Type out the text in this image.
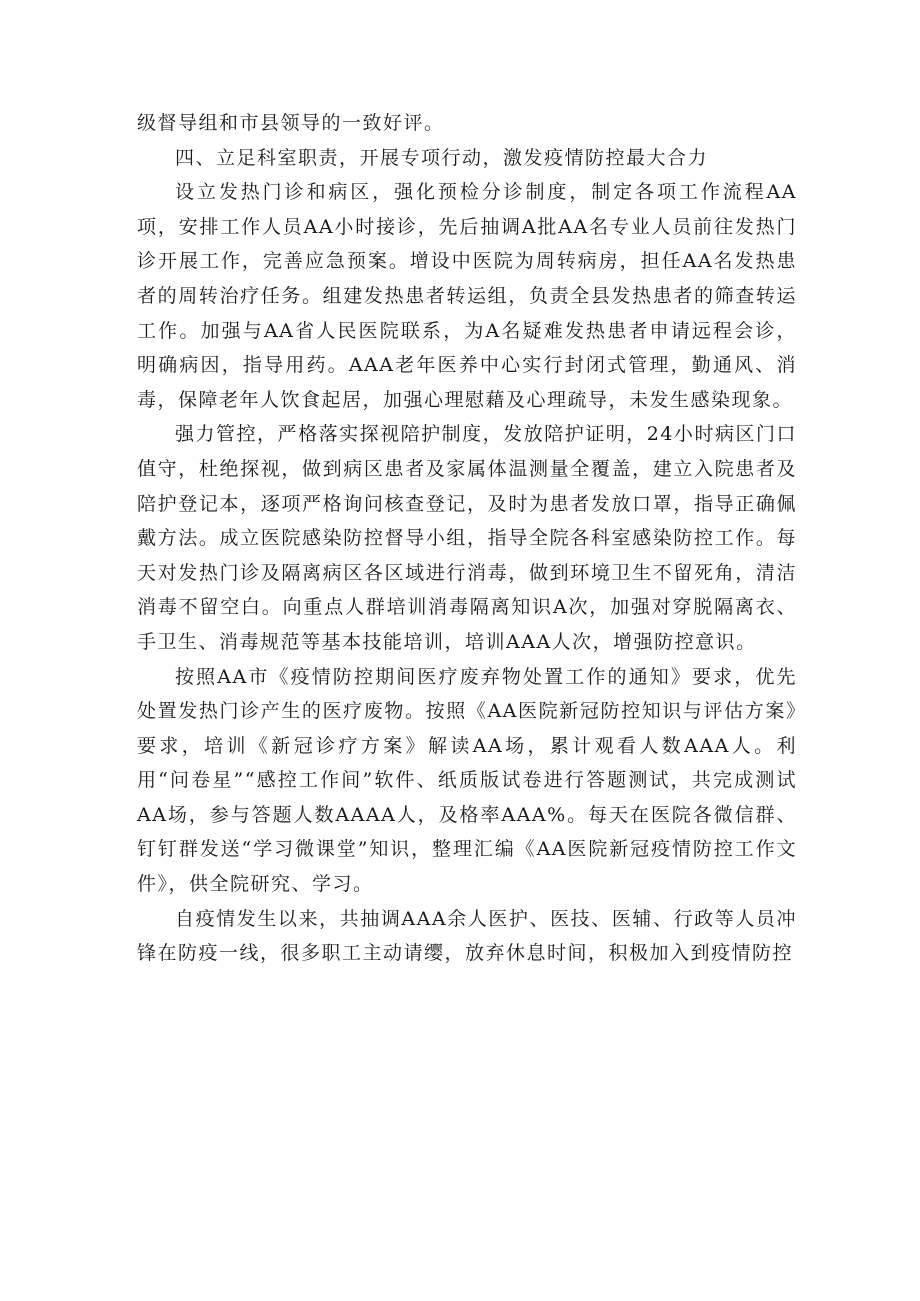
级督导组和市县领导的一致好评。

四、立足科室职责，开展专项行动，激发疫情防控最大合力

设立发热门诊和病区，强化预检分诊制度，制定各项工作流程AA项，安排工作人员AA小时接诊，先后抽调A批AA名专业人员前往发热门诊开展工作，完善应急预案。增设中医院为周转病房，担任AA名发热患者的周转治疗任务。组建发热患者转运组，负责全县发热患者的筛查转运工作。加强与AA省人民医院联系，为A名疑难发热患者申请远程会诊，明确病因，指导用药。AAA老年医养中心实行封闭式管理，勤通风、消毒，保障老年人饮食起居，加强心理慰藉及心理疏导，未发生感染现象。

强力管控，严格落实探视陪护制度，发放陪护证明，24小时病区门口值守，杜绝探视，做到病区患者及家属体温测量全覆盖，建立入院患者及陪护登记本，逐项严格询问核查登记，及时为患者发放口罩，指导正确佩戴方法。成立医院感染防控督导小组，指导全院各科室感染防控工作。每天对发热门诊及隔离病区各区域进行消毒，做到环境卫生不留死角，清洁消毒不留空白。向重点人群培训消毒隔离知识A次，加强对穿脱隔离衣、手卫生、消毒规范等基本技能培训，培训AAA人次，增强防控意识。

按照AA市《疫情防控期间医疗废弃物处置工作的通知》要求，优先处置发热门诊产生的医疗废物。按照《AA医院新冠防控知识与评估方案》要求，培训《新冠诊疗方案》解读AA场，累计观看人数AAA人。利用“问卷星”“感控工作间”软件、纸质版试卷进行答题测试，共完成测试AA场，参与答题人数AAAA人，及格率AAA%。每天在医院各微信群、钉钉群发送“学习微课堂”知识，整理汇编《AA医院新冠疫情防控工作文件》，供全院研究、学习。

自疫情发生以来，共抽调AAA余人医护、医技、医辅、行政等人员冲锋在防疫一线，很多职工主动请缨，放弃休息时间，积极加入到疫情防控
